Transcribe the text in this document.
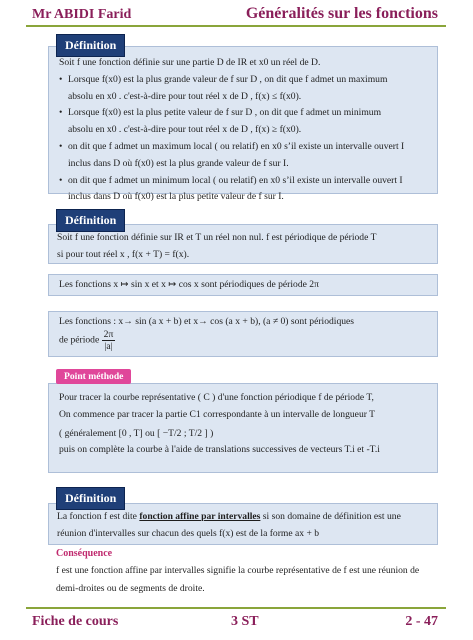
Mr ABIDI Farid	Généralités sur les fonctions

Soit f une fonction définie sur une partie D de IR et x0 un réel de D.

• Lorsque f(x0) est la plus grande valeur de f sur D , on dit que f admet un maximum
absolu en x0 . c'est-à-dire pour tout réel x de D , f(x) ≤ f(x0).
• Lorsque f(x0) est la plus petite valeur de f sur D , on dit que f admet un minimum
absolu en x0 . c'est-à-dire pour tout réel x de D , f(x) ≥ f(x0).
• on dit que f admet un maximum local ( ou relatif) en x0 s’il existe un intervalle ouvert I
inclus dans D où f(x0) est la plus grande valeur de f sur I.
• on dit que f admet un minimum local ( ou relatif) en x0 s’il existe un intervalle ouvert I
inclus dans D où f(x0) est la plus petite valeur de f sur I.
Définition

Soit f une fonction définie sur IR et T un réel non nul. f est périodique de période T

si pour tout réel x , f(x + T) = f(x).

Définition
Les fonctions x ↦ sin x et x ↦ cos x sont périodiques de période 2π
Les fonctions : x→ sin (a x + b) et x→ cos (a x + b), (a ≠ 0) sont périodiques
de période $\frac{2\pi}{|a|}$

Pour tracer la courbe représentative ( C ) d'une fonction périodique f de période T,

On commence par tracer la partie C1 correspondante à un intervalle de longueur T

( généralement [0 , T] ou [ −T/2 ; T/2 ] )

puis on complète la courbe à l'aide de translations successives de vecteurs T.i et -T.i

Point méthode

La fonction f est dite fonction affine par intervalles si son domaine de définition est une

réunion d'intervalles sur chacun des quels f(x) est de la forme ax + b

Définition
Conséquence
f est une fonction affine par intervalles signifie la courbe représentative de f est une réunion de demi-droites ou de segments de droite.
Fiche de cours	3 ST	2 - 47
